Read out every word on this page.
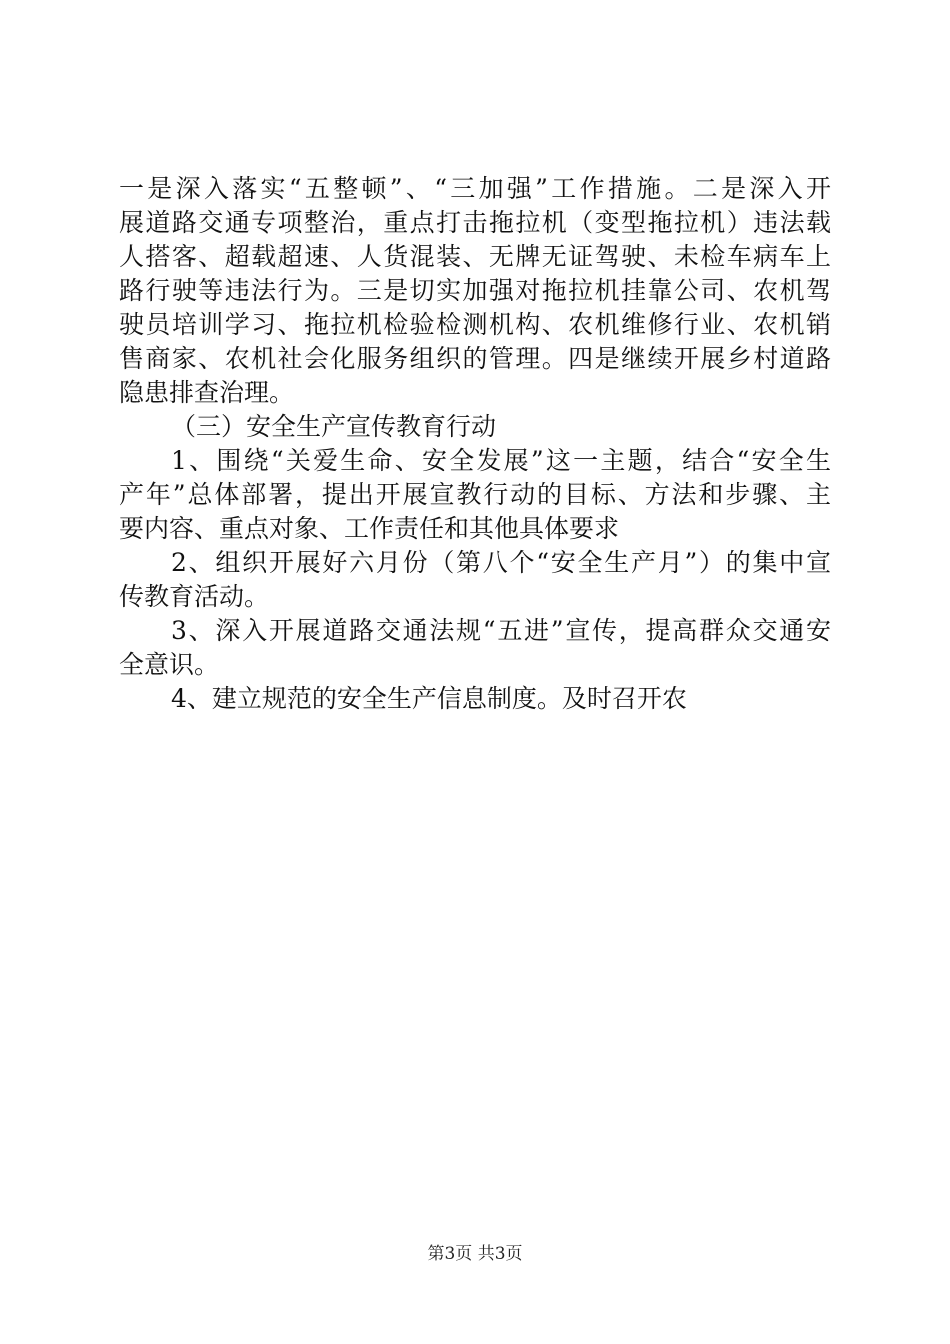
一是深入落实“五整顿”、“三加强”工作措施。二是深入开
展道路交通专项整治，重点打击拖拉机（变型拖拉机）违法载
人搭客、超载超速、人货混装、无牌无证驾驶、未检车病车上
路行驶等违法行为。三是切实加强对拖拉机挂靠公司、农机驾
驶员培训学习、拖拉机检验检测机构、农机维修行业、农机销
售商家、农机社会化服务组织的管理。四是继续开展乡村道路
隐患排查治理。
（三）安全生产宣传教育行动
1、围绕“关爱生命、安全发展”这一主题，结合“安全生
产年”总体部署，提出开展宣教行动的目标、方法和步骤、主
要内容、重点对象、工作责任和其他具体要求
2、组织开展好六月份（第八个“安全生产月”）的集中宣
传教育活动。
3、深入开展道路交通法规“五进”宣传，提高群众交通安
全意识。
4、建立规范的安全生产信息制度。及时召开农
第3页 共3页
